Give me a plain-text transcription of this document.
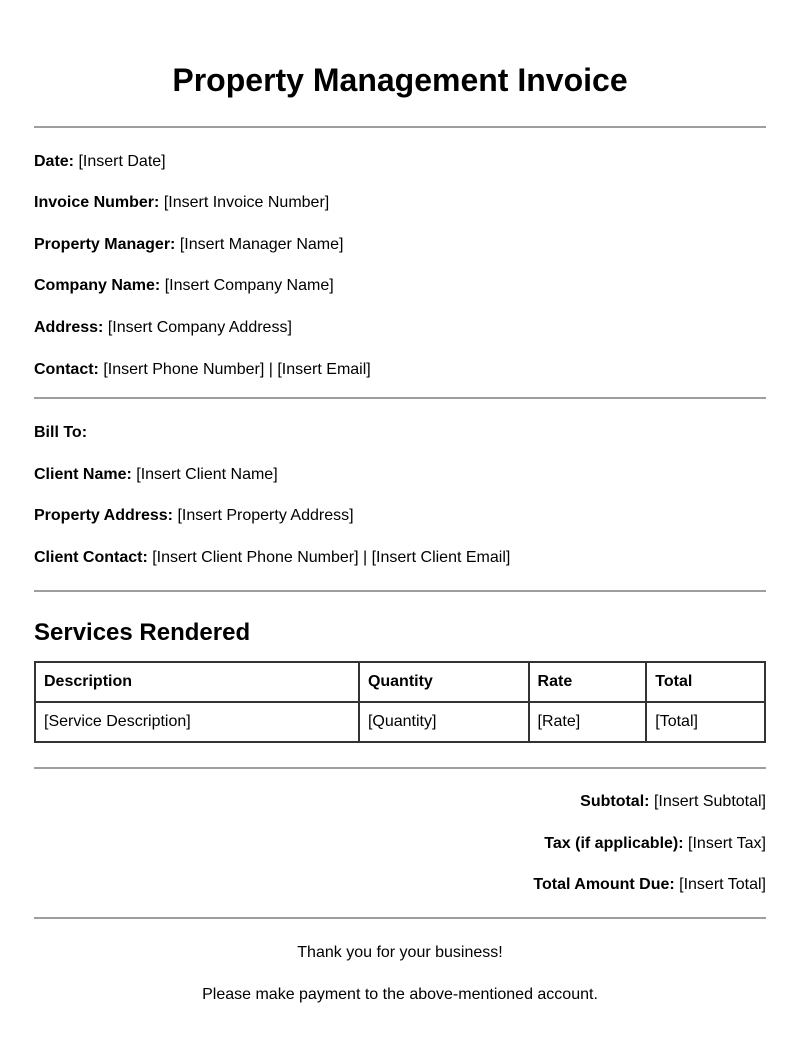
Property Management Invoice
Date: [Insert Date]
Invoice Number: [Insert Invoice Number]
Property Manager: [Insert Manager Name]
Company Name: [Insert Company Name]
Address: [Insert Company Address]
Contact: [Insert Phone Number] | [Insert Email]
Bill To:
Client Name: [Insert Client Name]
Property Address: [Insert Property Address]
Client Contact: [Insert Client Phone Number] | [Insert Client Email]
Services Rendered
Description	Quantity	Rate	Total
[Service Description]	[Quantity]	[Rate]	[Total]
Subtotal: [Insert Subtotal]
Tax (if applicable): [Insert Tax]
Total Amount Due: [Insert Total]
Thank you for your business!
Please make payment to the above-mentioned account.
